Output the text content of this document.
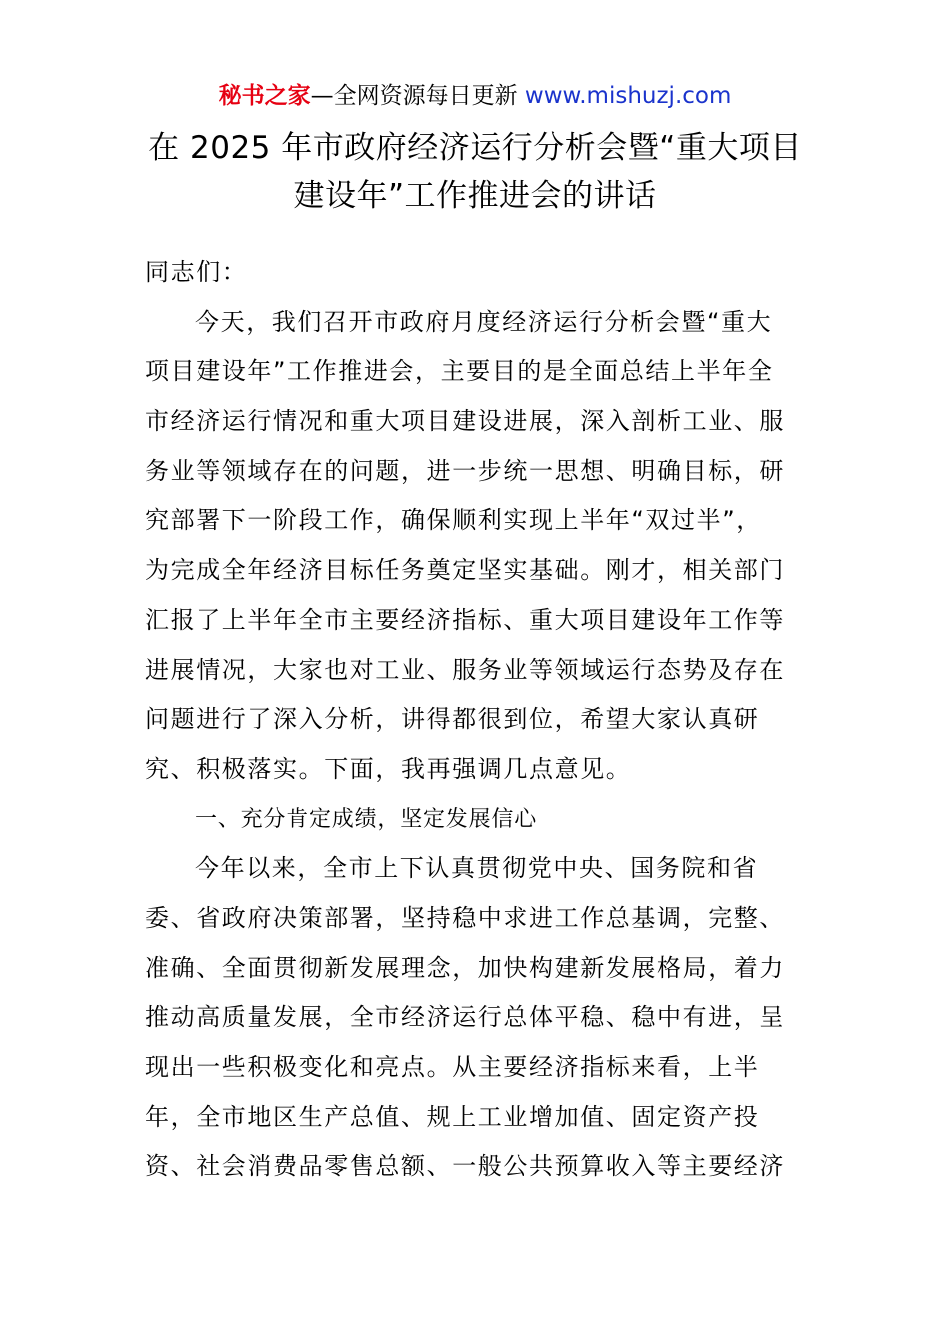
秘书之家—全网资源每日更新 www.mishuzj.com
在 2025 年市政府经济运行分析会暨“重大项目
建设年”工作推进会的讲话
同志们：
今天，我们召开市政府月度经济运行分析会暨“重大
项目建设年”工作推进会，主要目的是全面总结上半年全
市经济运行情况和重大项目建设进展，深入剖析工业、服
务业等领域存在的问题，进一步统一思想、明确目标，研
究部署下一阶段工作，确保顺利实现上半年“双过半”，
为完成全年经济目标任务奠定坚实基础。刚才，相关部门
汇报了上半年全市主要经济指标、重大项目建设年工作等
进展情况，大家也对工业、服务业等领域运行态势及存在
问题进行了深入分析，讲得都很到位，希望大家认真研
究、积极落实。下面，我再强调几点意见。
一、充分肯定成绩，坚定发展信心
今年以来，全市上下认真贯彻党中央、国务院和省
委、省政府决策部署，坚持稳中求进工作总基调，完整、
准确、全面贯彻新发展理念，加快构建新发展格局，着力
推动高质量发展，全市经济运行总体平稳、稳中有进，呈
现出一些积极变化和亮点。从主要经济指标来看，上半
年，全市地区生产总值、规上工业增加值、固定资产投
资、社会消费品零售总额、一般公共预算收入等主要经济
